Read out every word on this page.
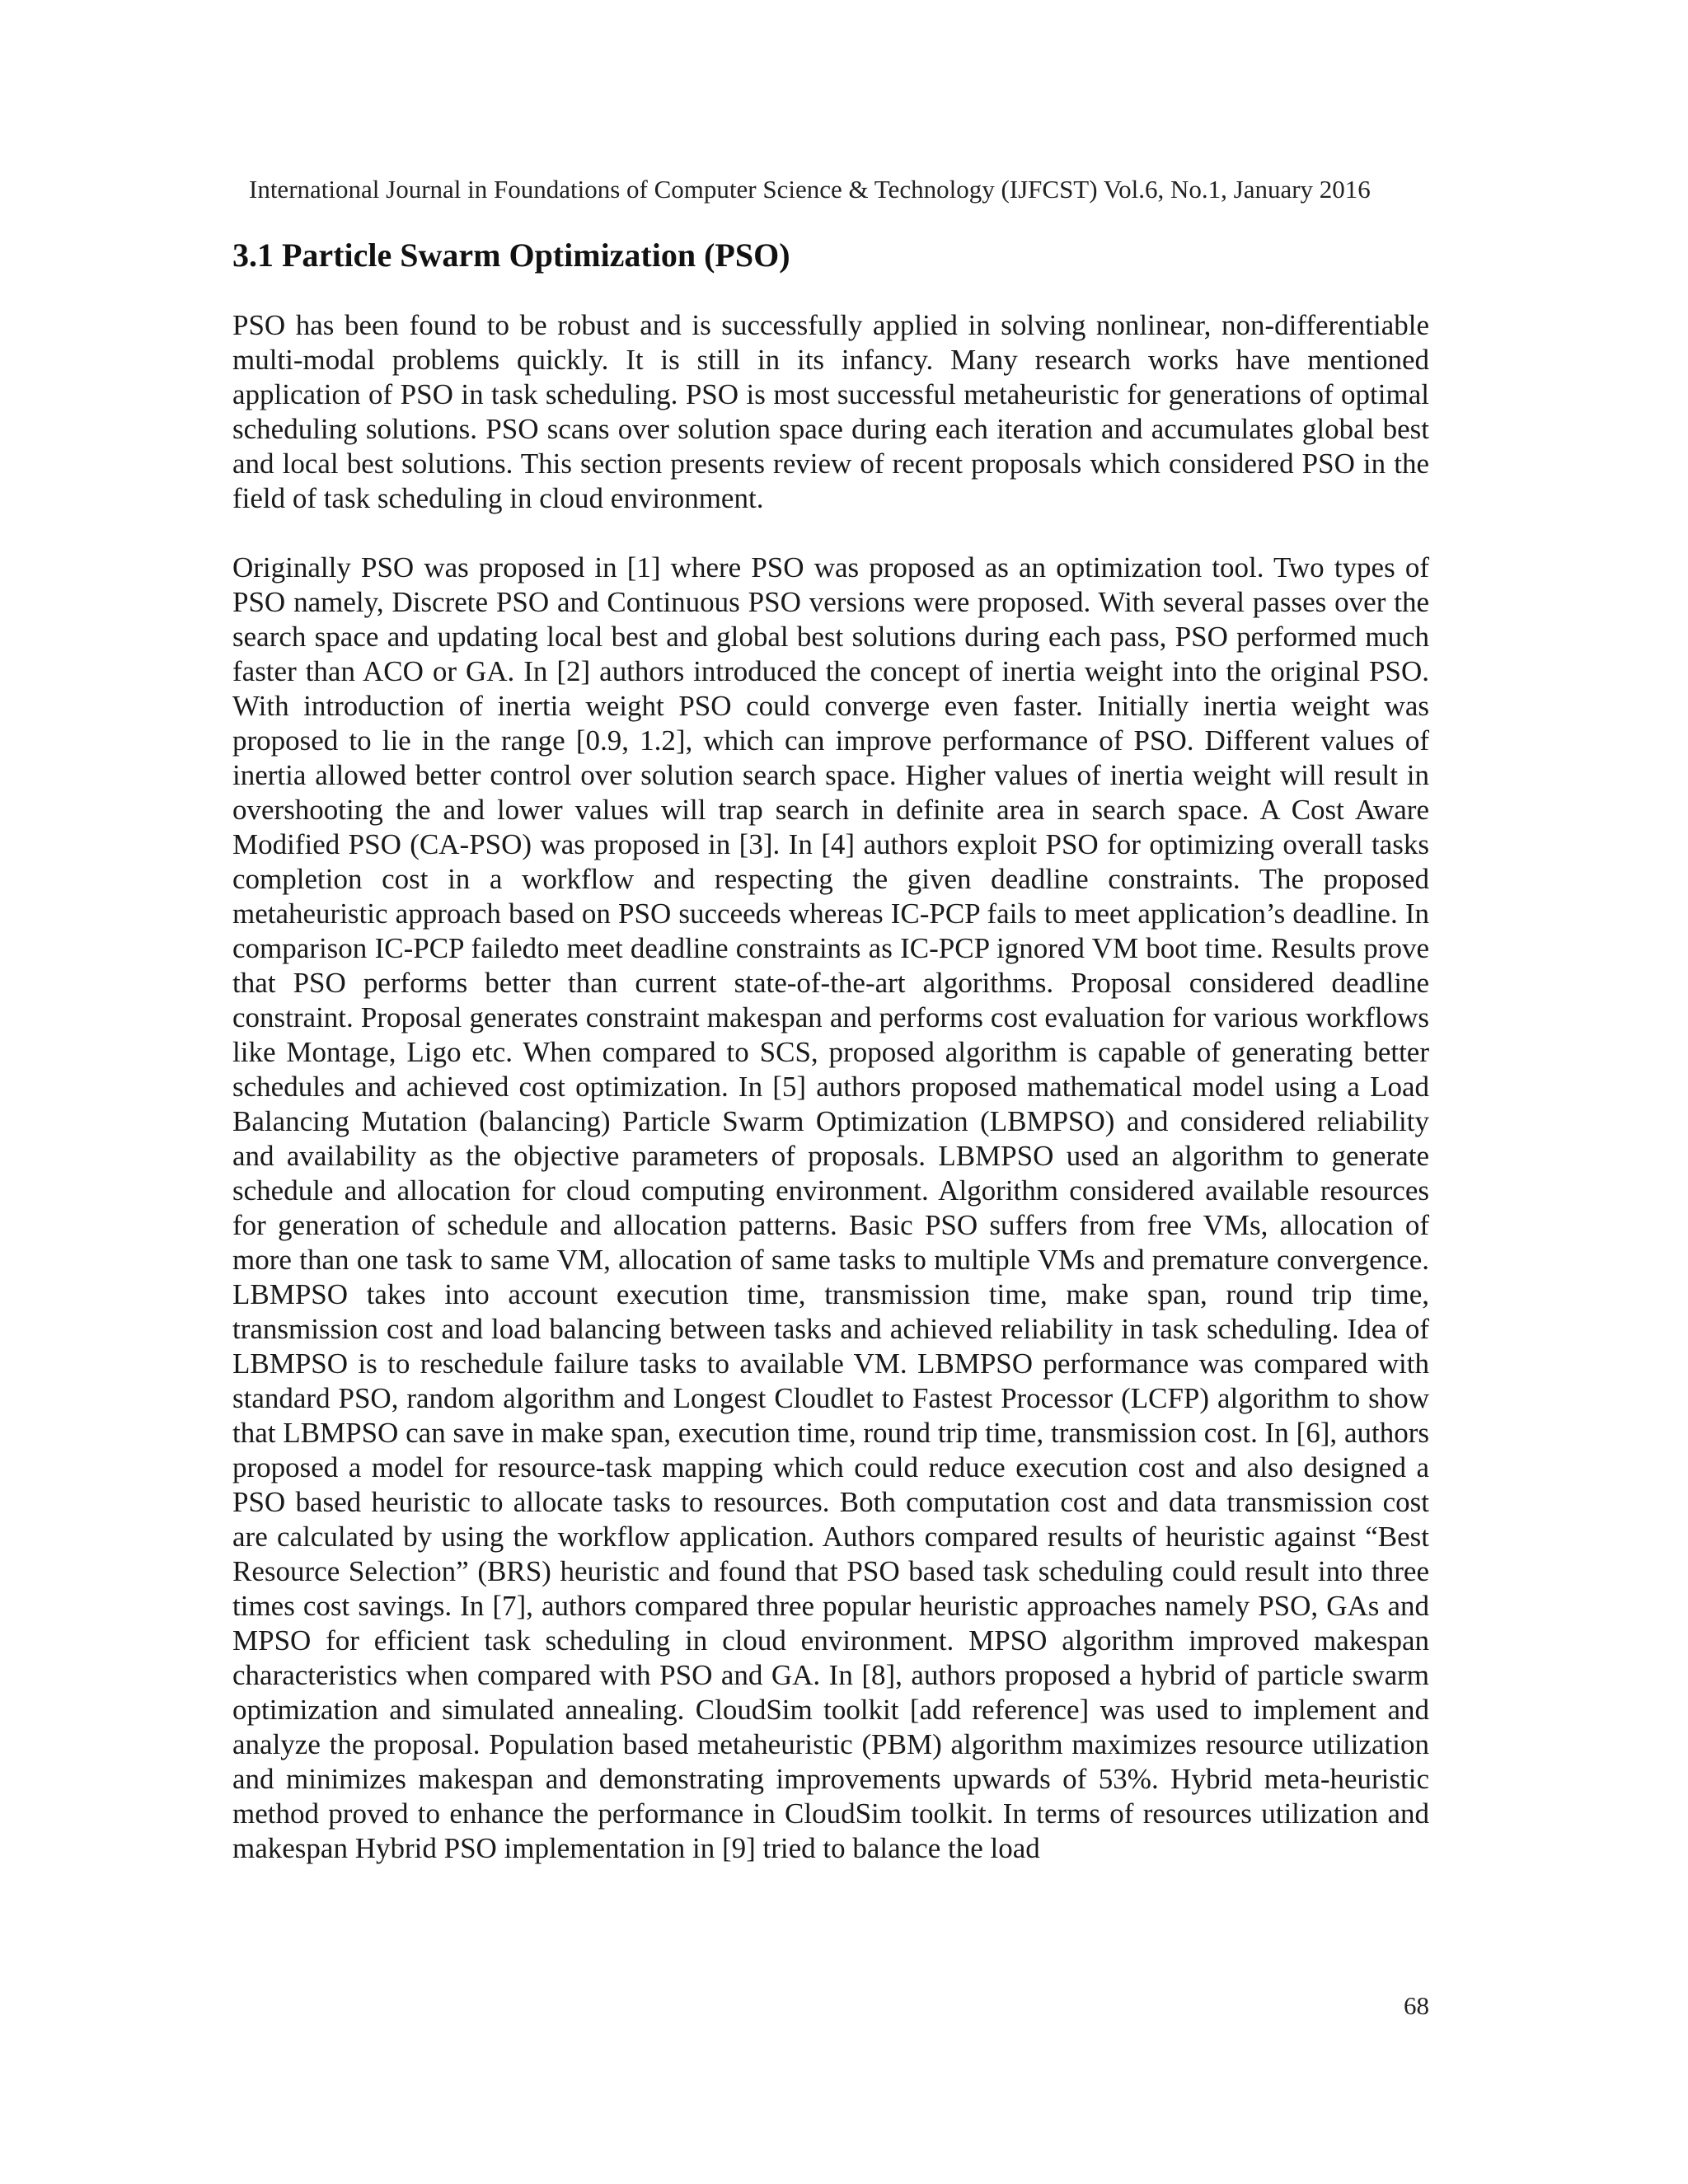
International Journal in Foundations of Computer Science & Technology (IJFCST) Vol.6, No.1, January 2016
3.1 Particle Swarm Optimization (PSO)

PSO has been found to be robust and is successfully applied in solving nonlinear, non-differentiable multi-modal problems quickly. It is still in its infancy. Many research works have mentioned application of PSO in task scheduling. PSO is most successful metaheuristic for generations of optimal scheduling solutions. PSO scans over solution space during each iteration and accumulates global best and local best solutions. This section presents review of recent proposals which considered PSO in the field of task scheduling in cloud environment.

Originally PSO was proposed in [1] where PSO was proposed as an optimization tool. Two types of PSO namely, Discrete PSO and Continuous PSO versions were proposed. With several passes over the search space and updating local best and global best solutions during each pass, PSO performed much faster than ACO or GA. In [2] authors introduced the concept of inertia weight into the original PSO. With introduction of inertia weight PSO could converge even faster. Initially inertia weight was proposed to lie in the range [0.9, 1.2], which can improve performance of PSO. Different values of inertia allowed better control over solution search space. Higher values of inertia weight will result in overshooting the and lower values will trap search in definite area in search space. A Cost Aware Modified PSO (CA-PSO) was proposed in [3]. In [4] authors exploit PSO for optimizing overall tasks completion cost in a workflow and respecting the given deadline constraints. The proposed metaheuristic approach based on PSO succeeds whereas IC-PCP fails to meet application’s deadline. In comparison IC-PCP failedto meet deadline constraints as IC-PCP ignored VM boot time. Results prove that PSO performs better than current state-of-the-art algorithms. Proposal considered deadline constraint. Proposal generates constraint makespan and performs cost evaluation for various workflows like Montage, Ligo etc. When compared to SCS, proposed algorithm is capable of generating better schedules and achieved cost optimization. In [5] authors proposed mathematical model using a Load Balancing Mutation (balancing) Particle Swarm Optimization (LBMPSO) and considered reliability and availability as the objective parameters of proposals. LBMPSO used an algorithm to generate schedule and allocation for cloud computing environment. Algorithm considered available resources for generation of schedule and allocation patterns. Basic PSO suffers from free VMs, allocation of more than one task to same VM, allocation of same tasks to multiple VMs and premature convergence. LBMPSO takes into account execution time, transmission time, make span, round trip time, transmission cost and load balancing between tasks and achieved reliability in task scheduling. Idea of LBMPSO is to reschedule failure tasks to available VM. LBMPSO performance was compared with standard PSO, random algorithm and Longest Cloudlet to Fastest Processor (LCFP) algorithm to show that LBMPSO can save in make span, execution time, round trip time, transmission cost. In [6], authors proposed a model for resource-task mapping which could reduce execution cost and also designed a PSO based heuristic to allocate tasks to resources. Both computation cost and data transmission cost are calculated by using the workflow application. Authors compared results of heuristic against “Best Resource Selection” (BRS) heuristic and found that PSO based task scheduling could result into three times cost savings. In [7], authors compared three popular heuristic approaches namely PSO, GAs and MPSO for efficient task scheduling in cloud environment. MPSO algorithm improved makespan characteristics when compared with PSO and GA. In [8], authors proposed a hybrid of particle swarm optimization and simulated annealing. CloudSim toolkit [add reference] was used to implement and analyze the proposal. Population based metaheuristic (PBM) algorithm maximizes resource utilization and minimizes makespan and demonstrating improvements upwards of 53%. Hybrid meta-heuristic method proved to enhance the performance in CloudSim toolkit. In terms of resources utilization and makespan Hybrid PSO implementation in [9] tried to balance the load

68
